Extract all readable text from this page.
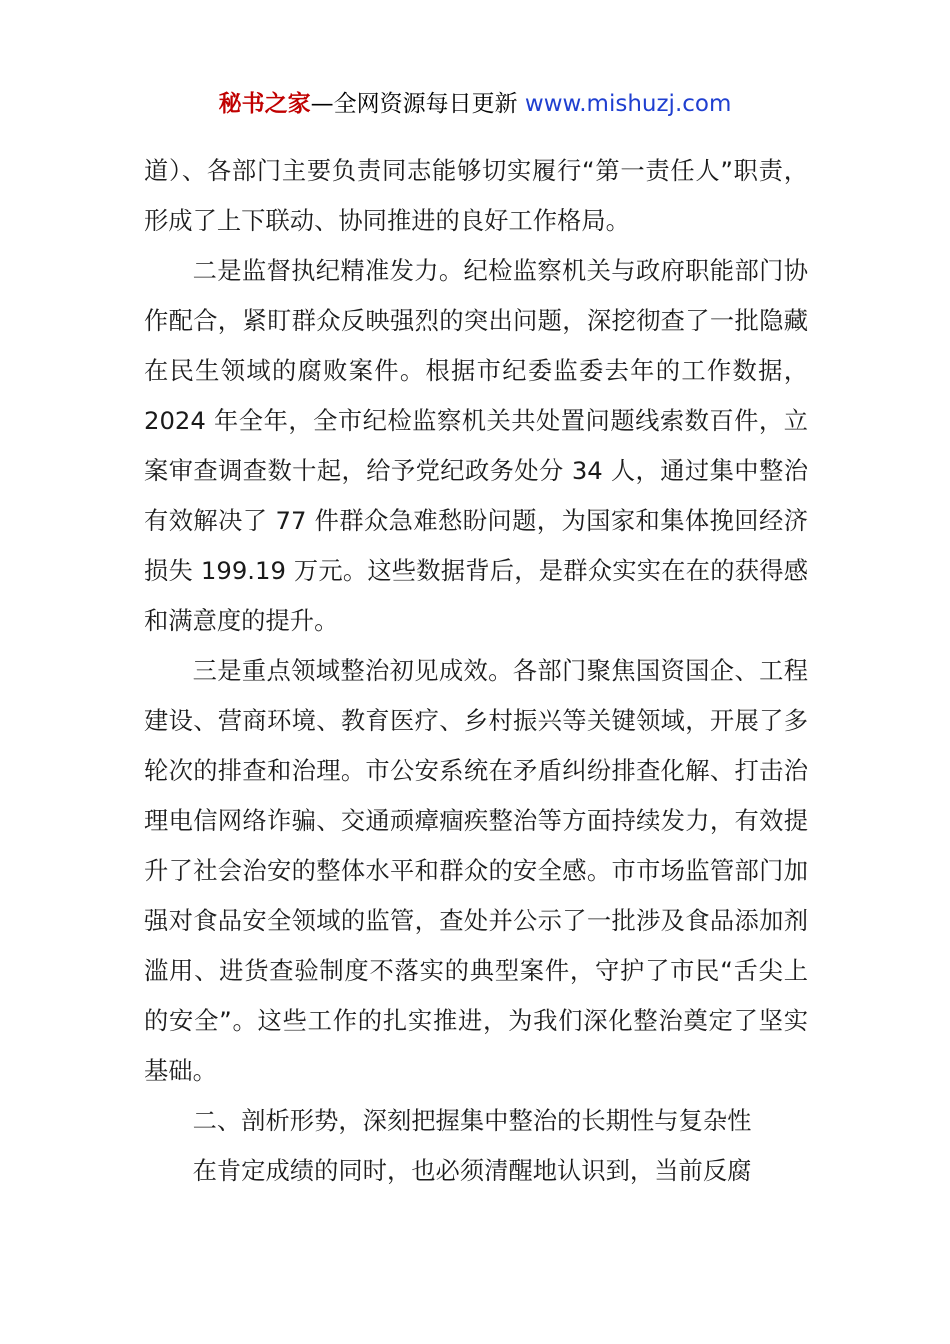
秘书之家—全网资源每日更新 www.mishuzj.com

道）、各部门主要负责同志能够切实履行“第一责任人”职责，形成了上下联动、协同推进的良好工作格局。

二是监督执纪精准发力。纪检监察机关与政府职能部门协作配合，紧盯群众反映强烈的突出问题，深挖彻查了一批隐藏在民生领域的腐败案件。根据市纪委监委去年的工作数据，2024 年全年，全市纪检监察机关共处置问题线索数百件，立案审查调查数十起，给予党纪政务处分 34 人，通过集中整治有效解决了 77 件群众急难愁盼问题，为国家和集体挽回经济损失 199.19 万元。这些数据背后，是群众实实在在的获得感和满意度的提升。

三是重点领域整治初见成效。各部门聚焦国资国企、工程建设、营商环境、教育医疗、乡村振兴等关键领域，开展了多轮次的排查和治理。市公安系统在矛盾纠纷排查化解、打击治理电信网络诈骗、交通顽瘴痼疾整治等方面持续发力，有效提升了社会治安的整体水平和群众的安全感。市市场监管部门加强对食品安全领域的监管，查处并公示了一批涉及食品添加剂滥用、进货查验制度不落实的典型案件，守护了市民“舌尖上的安全”。这些工作的扎实推进，为我们深化整治奠定了坚实基础。

二、剖析形势，深刻把握集中整治的长期性与复杂性

在肯定成绩的同时，也必须清醒地认识到，当前反腐
